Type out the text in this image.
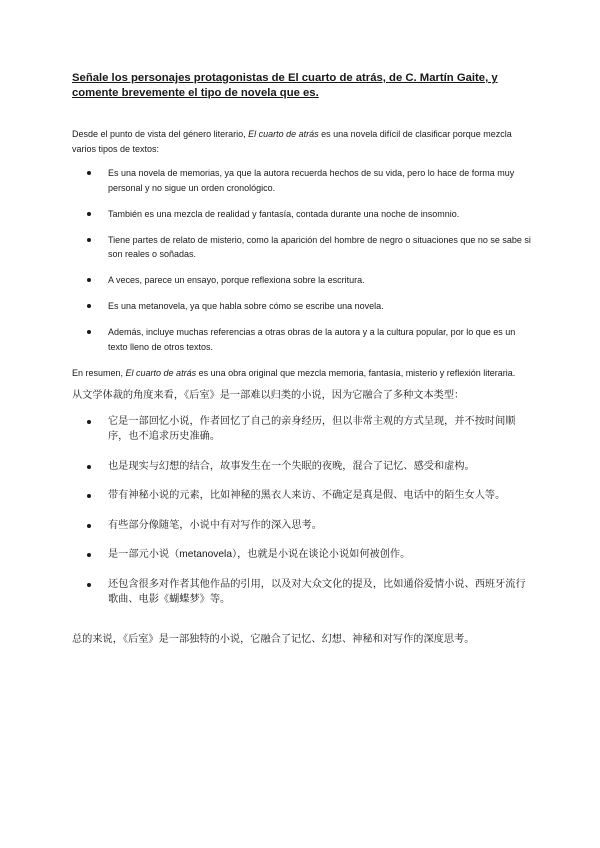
Señale los personajes protagonistas de El cuarto de atrás, de C. Martín Gaite, y comente brevemente el tipo de novela que es.

Desde el punto de vista del género literario, El cuarto de atrás es una novela difícil de clasificar porque mezcla varios tipos de textos:

Es una novela de memorias, ya que la autora recuerda hechos de su vida, pero lo hace de forma muy personal y no sigue un orden cronológico.
También es una mezcla de realidad y fantasía, contada durante una noche de insomnio.
Tiene partes de relato de misterio, como la aparición del hombre de negro o situaciones que no se sabe si son reales o soñadas.
A veces, parece un ensayo, porque reflexiona sobre la escritura.
Es una metanovela, ya que habla sobre cómo se escribe una novela.
Además, incluye muchas referencias a otras obras de la autora y a la cultura popular, por lo que es un texto lleno de otros textos.

En resumen, El cuarto de atrás es una obra original que mezcla memoria, fantasía, misterio y reflexión literaria.

从文学体裁的角度来看，《后室》是一部难以归类的小说，因为它融合了多种文本类型：

它是一部回忆小说，作者回忆了自己的亲身经历，但以非常主观的方式呈现，并不按时间顺序，也不追求历史准确。
也是现实与幻想的结合，故事发生在一个失眠的夜晚，混合了记忆、感受和虚构。
带有神秘小说的元素，比如神秘的黑衣人来访、不确定是真是假、电话中的陌生女人等。
有些部分像随笔，小说中有对写作的深入思考。
是一部元小说（metanovela），也就是小说在谈论小说如何被创作。
还包含很多对作者其他作品的引用，以及对大众文化的提及，比如通俗爱情小说、西班牙流行歌曲、电影《蝴蝶梦》等。

总的来说，《后室》是一部独特的小说，它融合了记忆、幻想、神秘和对写作的深度思考。
